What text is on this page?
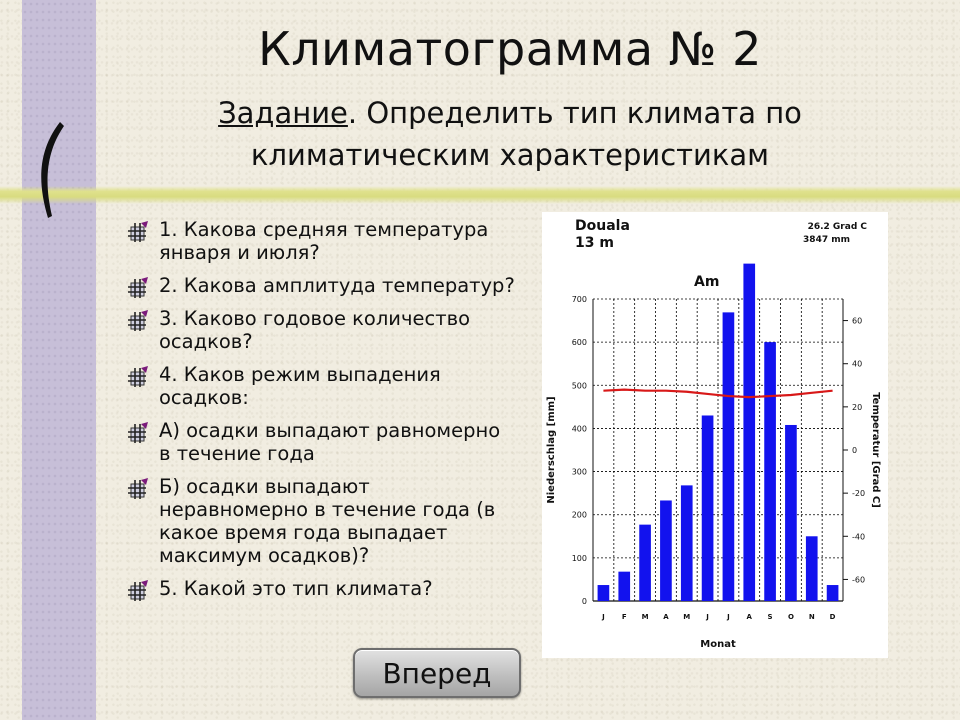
Климатограмма № 2
Задание. Определить тип климата по климатическим характеристикам
1. Какова средняя температура января и июля?
2. Какова амплитуда температур?
3. Каково годовое количество осадков?
4. Каков режим выпадения осадков:
А) осадки выпадают равномерно в течение года
Б) осадки выпадают неравномерно в течение года (в какое время года выпадает максимум осадков)?
5. Какой это тип климата?
0
100
200
300
400
500
600
700
-60
-40
-20
0
20
40
60
J F M A M J	J A S O N D
Douala
13 m
26.2 Grad C
3847 mm
Am
Monat
Niederschlag [mm]	Temperatur [Grad C]
Вперед
